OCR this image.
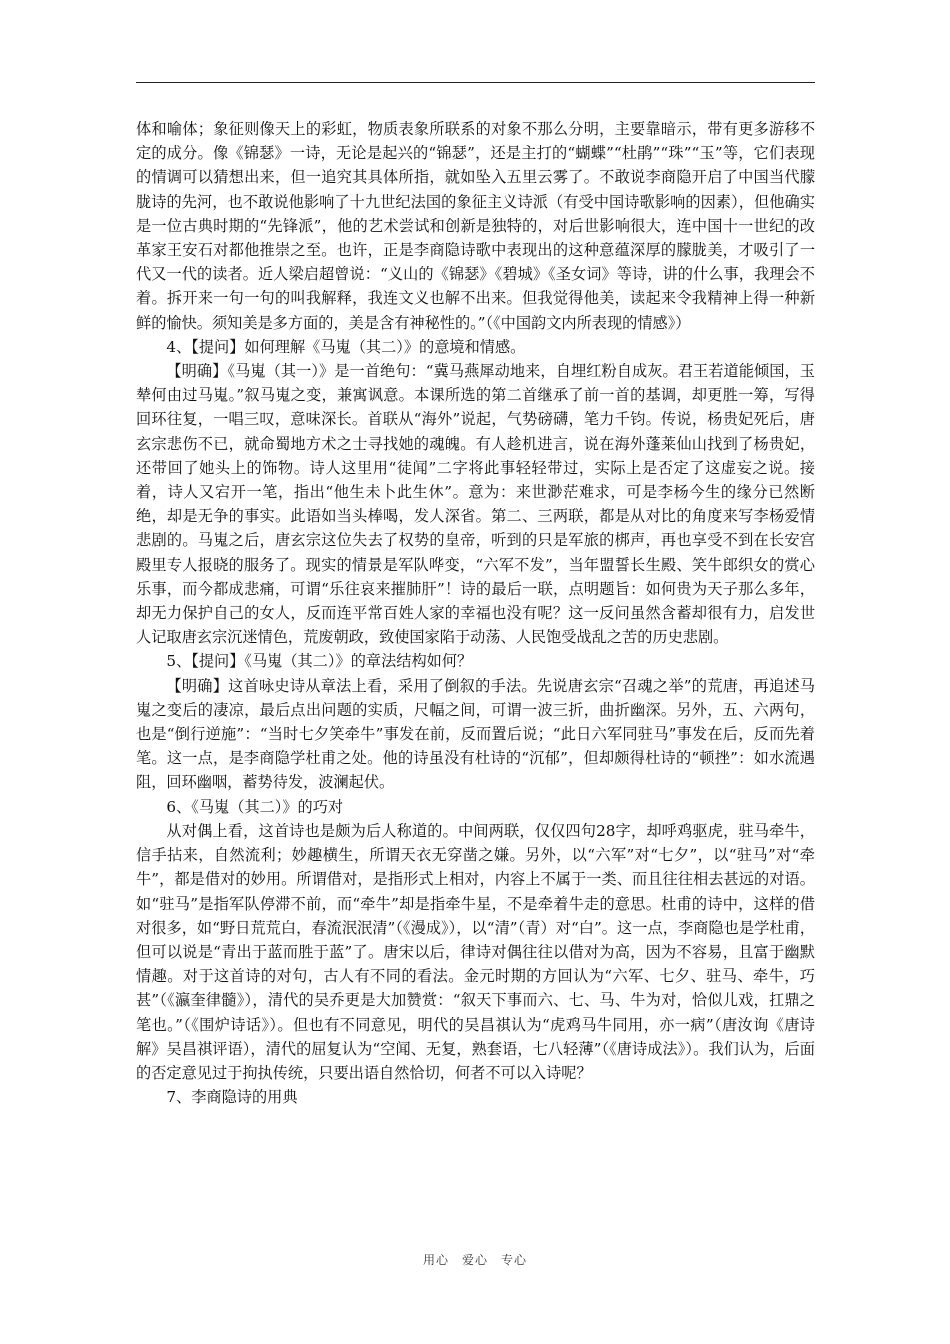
体和喻体；象征则像天上的彩虹，物质表象所联系的对象不那么分明，主要靠暗示，带有更多游移不定的成分。像《锦瑟》一诗，无论是起兴的“锦瑟”，还是主打的“蝴蝶”“杜鹃”“珠”“玉”等，它们表现的情调可以猜想出来，但一追究其具体所指，就如坠入五里云雾了。不敢说李商隐开启了中国当代朦胧诗的先河，也不敢说他影响了十九世纪法国的象征主义诗派（有受中国诗歌影响的因素），但他确实是一位古典时期的“先锋派”，他的艺术尝试和创新是独特的，对后世影响很大，连中国十一世纪的改革家王安石对都他推崇之至。也许，正是李商隐诗歌中表现出的这种意蕴深厚的朦胧美，才吸引了一代又一代的读者。近人梁启超曾说：“义山的《锦瑟》《碧城》《圣女词》等诗，讲的什么事，我理会不着。拆开来一句一句的叫我解释，我连文义也解不出来。但我觉得他美，读起来令我精神上得一种新鲜的愉快。须知美是多方面的，美是含有神秘性的。”（《中国韵文内所表现的情感》）

4、【提问】如何理解《马嵬（其二）》的意境和情感。

【明确】《马嵬（其一）》是一首绝句：“冀马燕犀动地来，自埋红粉自成灰。君王若道能倾国，玉辇何由过马嵬。”叙马嵬之变，兼寓讽意。本课所选的第二首继承了前一首的基调，却更胜一筹，写得回环往复，一唱三叹，意味深长。首联从“海外”说起，气势磅礴，笔力千钧。传说，杨贵妃死后，唐玄宗悲伤不已，就命蜀地方术之士寻找她的魂魄。有人趁机进言，说在海外蓬莱仙山找到了杨贵妃，还带回了她头上的饰物。诗人这里用“徒闻”二字将此事轻轻带过，实际上是否定了这虚妄之说。接着，诗人又宕开一笔，指出“他生未卜此生休”。意为：来世渺茫难求，可是李杨今生的缘分已然断绝，却是无争的事实。此语如当头棒喝，发人深省。第二、三两联，都是从对比的角度来写李杨爱情悲剧的。马嵬之后，唐玄宗这位失去了权势的皇帝，听到的只是军旅的梆声，再也享受不到在长安宫殿里专人报晓的服务了。现实的情景是军队哗变，“六军不发”，当年盟誓长生殿、笑牛郎织女的赏心乐事，而今都成悲痛，可谓“乐往哀来摧肺肝”！诗的最后一联，点明题旨：如何贵为天子那么多年，却无力保护自己的女人，反而连平常百姓人家的幸福也没有呢？这一反问虽然含蓄却很有力，启发世人记取唐玄宗沉迷情色，荒废朝政，致使国家陷于动荡、人民饱受战乱之苦的历史悲剧。

5、【提问】《马嵬（其二）》的章法结构如何？

【明确】这首咏史诗从章法上看，采用了倒叙的手法。先说唐玄宗“召魂之举”的荒唐，再追述马嵬之变后的凄凉，最后点出问题的实质，尺幅之间，可谓一波三折，曲折幽深。另外，五、六两句，也是“倒行逆施”：“当时七夕笑牵牛”事发在前，反而置后说；“此日六军同驻马”事发在后，反而先着笔。这一点，是李商隐学杜甫之处。他的诗虽没有杜诗的“沉郁”，但却颇得杜诗的“顿挫”：如水流遇阻，回环幽咽，蓄势待发，波澜起伏。

6、《马嵬（其二）》的巧对

从对偶上看，这首诗也是颇为后人称道的。中间两联，仅仅四句28字，却呼鸡驱虎，驻马牵牛，信手拈来，自然流利；妙趣横生，所谓天衣无穿凿之嫌。另外，以“六军”对“七夕”，以“驻马”对“牵牛”，都是借对的妙用。所谓借对，是指形式上相对，内容上不属于一类、而且往往相去甚远的对语。如“驻马”是指军队停滞不前，而“牵牛”却是指牵牛星，不是牵着牛走的意思。杜甫的诗中，这样的借对很多，如“野日荒荒白，春流泯泯清”（《漫成》），以“清”（青）对“白”。这一点，李商隐也是学杜甫，但可以说是“青出于蓝而胜于蓝”了。唐宋以后，律诗对偶往往以借对为高，因为不容易，且富于幽默情趣。对于这首诗的对句，古人有不同的看法。金元时期的方回认为“六军、七夕、驻马、牵牛，巧甚”（《瀛奎律髓》），清代的吴乔更是大加赞赏：“叙天下事而六、七、马、牛为对，恰似儿戏，扛鼎之笔也。”（《围炉诗话》）。但也有不同意见，明代的吴昌祺认为“虎鸡马牛同用，亦一病”（唐汝询《唐诗解》吴昌祺评语），清代的屈复认为“空闻、无复，熟套语，七八轻薄”（《唐诗成法》）。我们认为，后面的否定意见过于拘执传统，只要出语自然恰切，何者不可以入诗呢？

7、李商隐诗的用典

用心　爱心　专心
